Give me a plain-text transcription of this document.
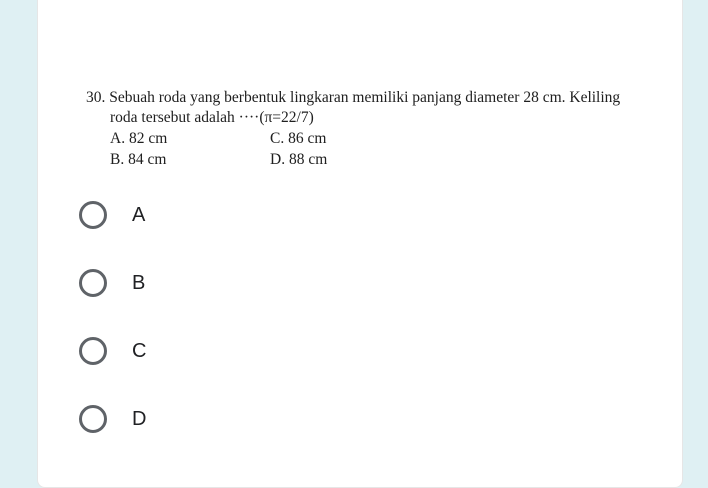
30. Sebuah roda yang berbentuk lingkaran memiliki panjang diameter 28 cm. Keliling
roda tersebut adalah ····(π=22/7)
A. 82 cm	C. 86 cm
B. 84 cm	D. 88 cm
A
B
C
D
